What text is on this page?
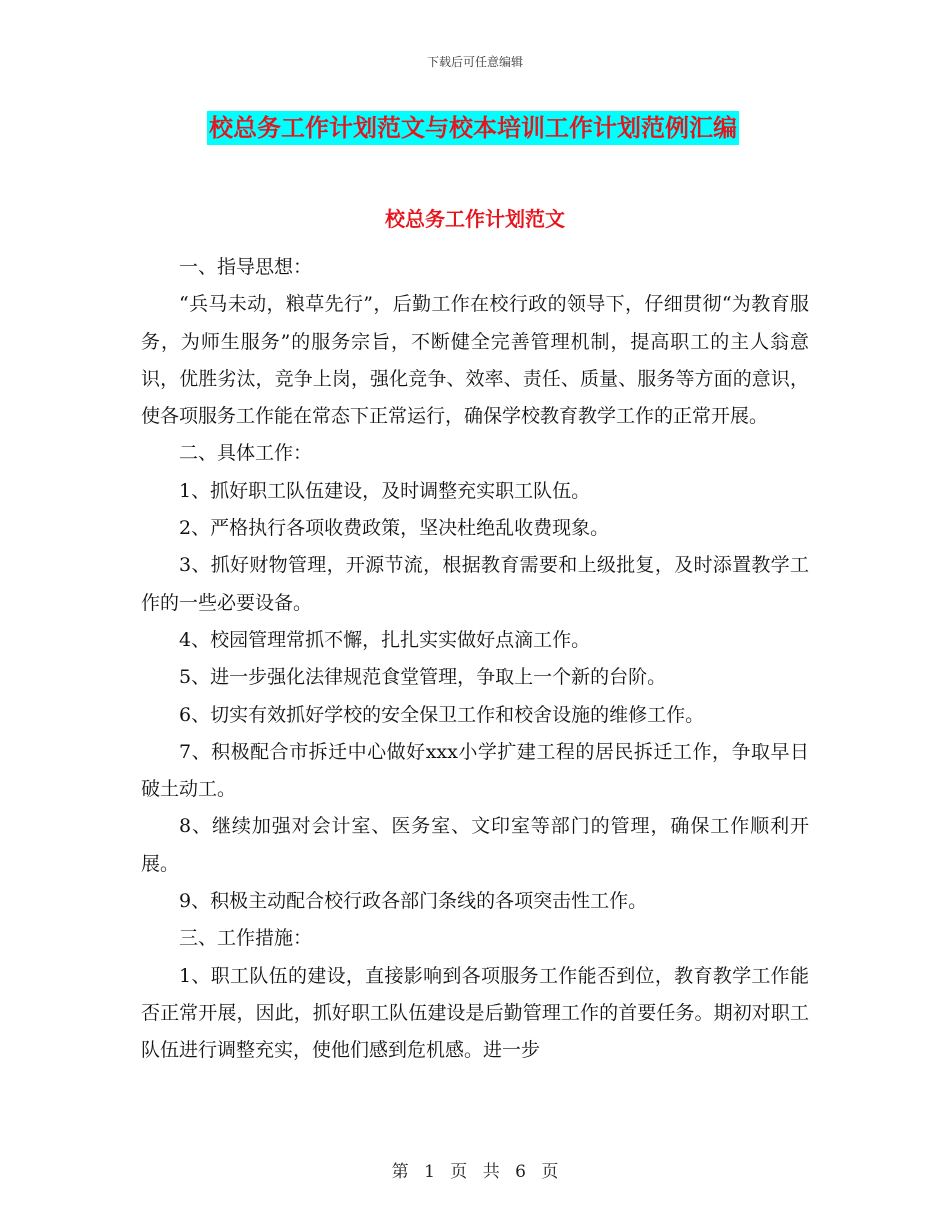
下载后可任意编辑
校总务工作计划范文与校本培训工作计划范例汇编
校总务工作计划范文

一、指导思想：

“兵马未动，粮草先行”，后勤工作在校行政的领导下，仔细贯彻“为教育服务，为师生服务”的服务宗旨，不断健全完善管理机制，提高职工的主人翁意识，优胜劣汰，竞争上岗，强化竞争、效率、责任、质量、服务等方面的意识，使各项服务工作能在常态下正常运行，确保学校教育教学工作的正常开展。

二、具体工作：

1、抓好职工队伍建设，及时调整充实职工队伍。

2、严格执行各项收费政策，坚决杜绝乱收费现象。

3、抓好财物管理，开源节流，根据教育需要和上级批复，及时添置教学工作的一些必要设备。

4、校园管理常抓不懈，扎扎实实做好点滴工作。

5、进一步强化法律规范食堂管理，争取上一个新的台阶。

6、切实有效抓好学校的安全保卫工作和校舍设施的维修工作。

7、积极配合市拆迁中心做好xxx小学扩建工程的居民拆迁工作，争取早日破土动工。

8、继续加强对会计室、医务室、文印室等部门的管理，确保工作顺利开展。

9、积极主动配合校行政各部门条线的各项突击性工作。

三、工作措施：

1、职工队伍的建设，直接影响到各项服务工作能否到位，教育教学工作能否正常开展，因此，抓好职工队伍建设是后勤管理工作的首要任务。期初对职工队伍进行调整充实，使他们感到危机感。进一步

第 1 页 共 6 页
